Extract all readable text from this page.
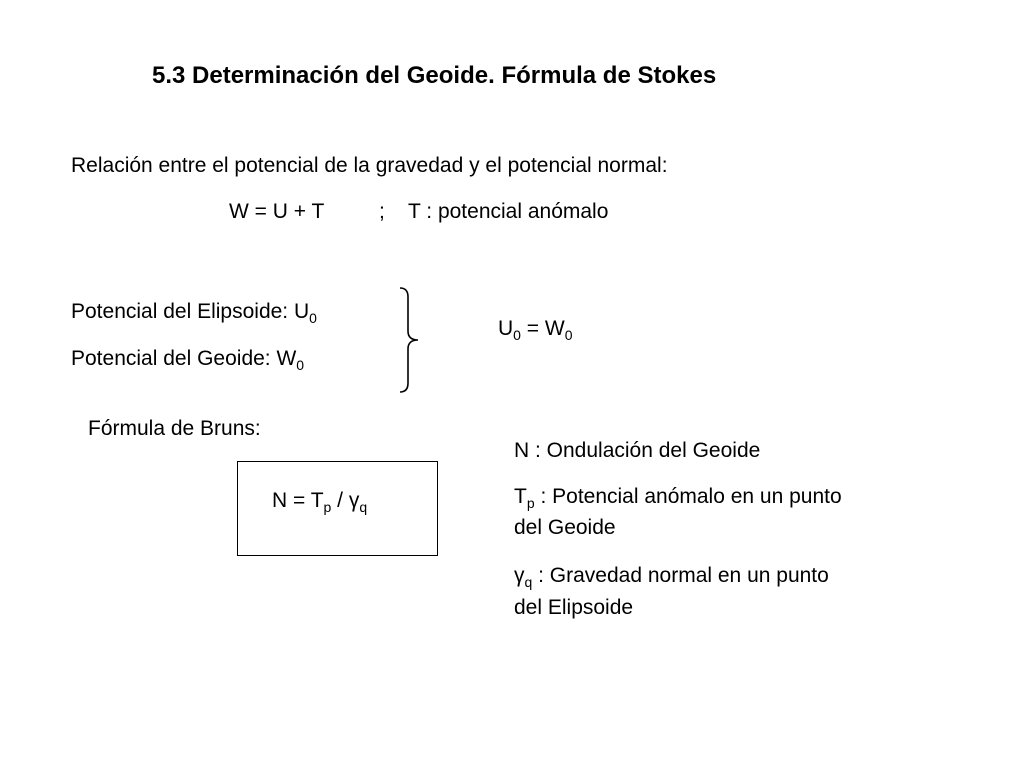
5.3 Determinación del Geoide. Fórmula de Stokes
Relación entre el potencial de la gravedad y el potencial normal:
W = U + T	; T : potencial anómalo
Potencial del Elipsoide: $U_0$
Potencial del Geoide: $W_0$
$U_0 = W_0$
Fórmula de Bruns:
$N = T_p / \gamma_q$
N : Ondulación del Geoide
$T_p$ : Potencial anómalo en un punto
del Geoide
$\gamma_q$ : Gravedad normal en un punto
del Elipsoide
